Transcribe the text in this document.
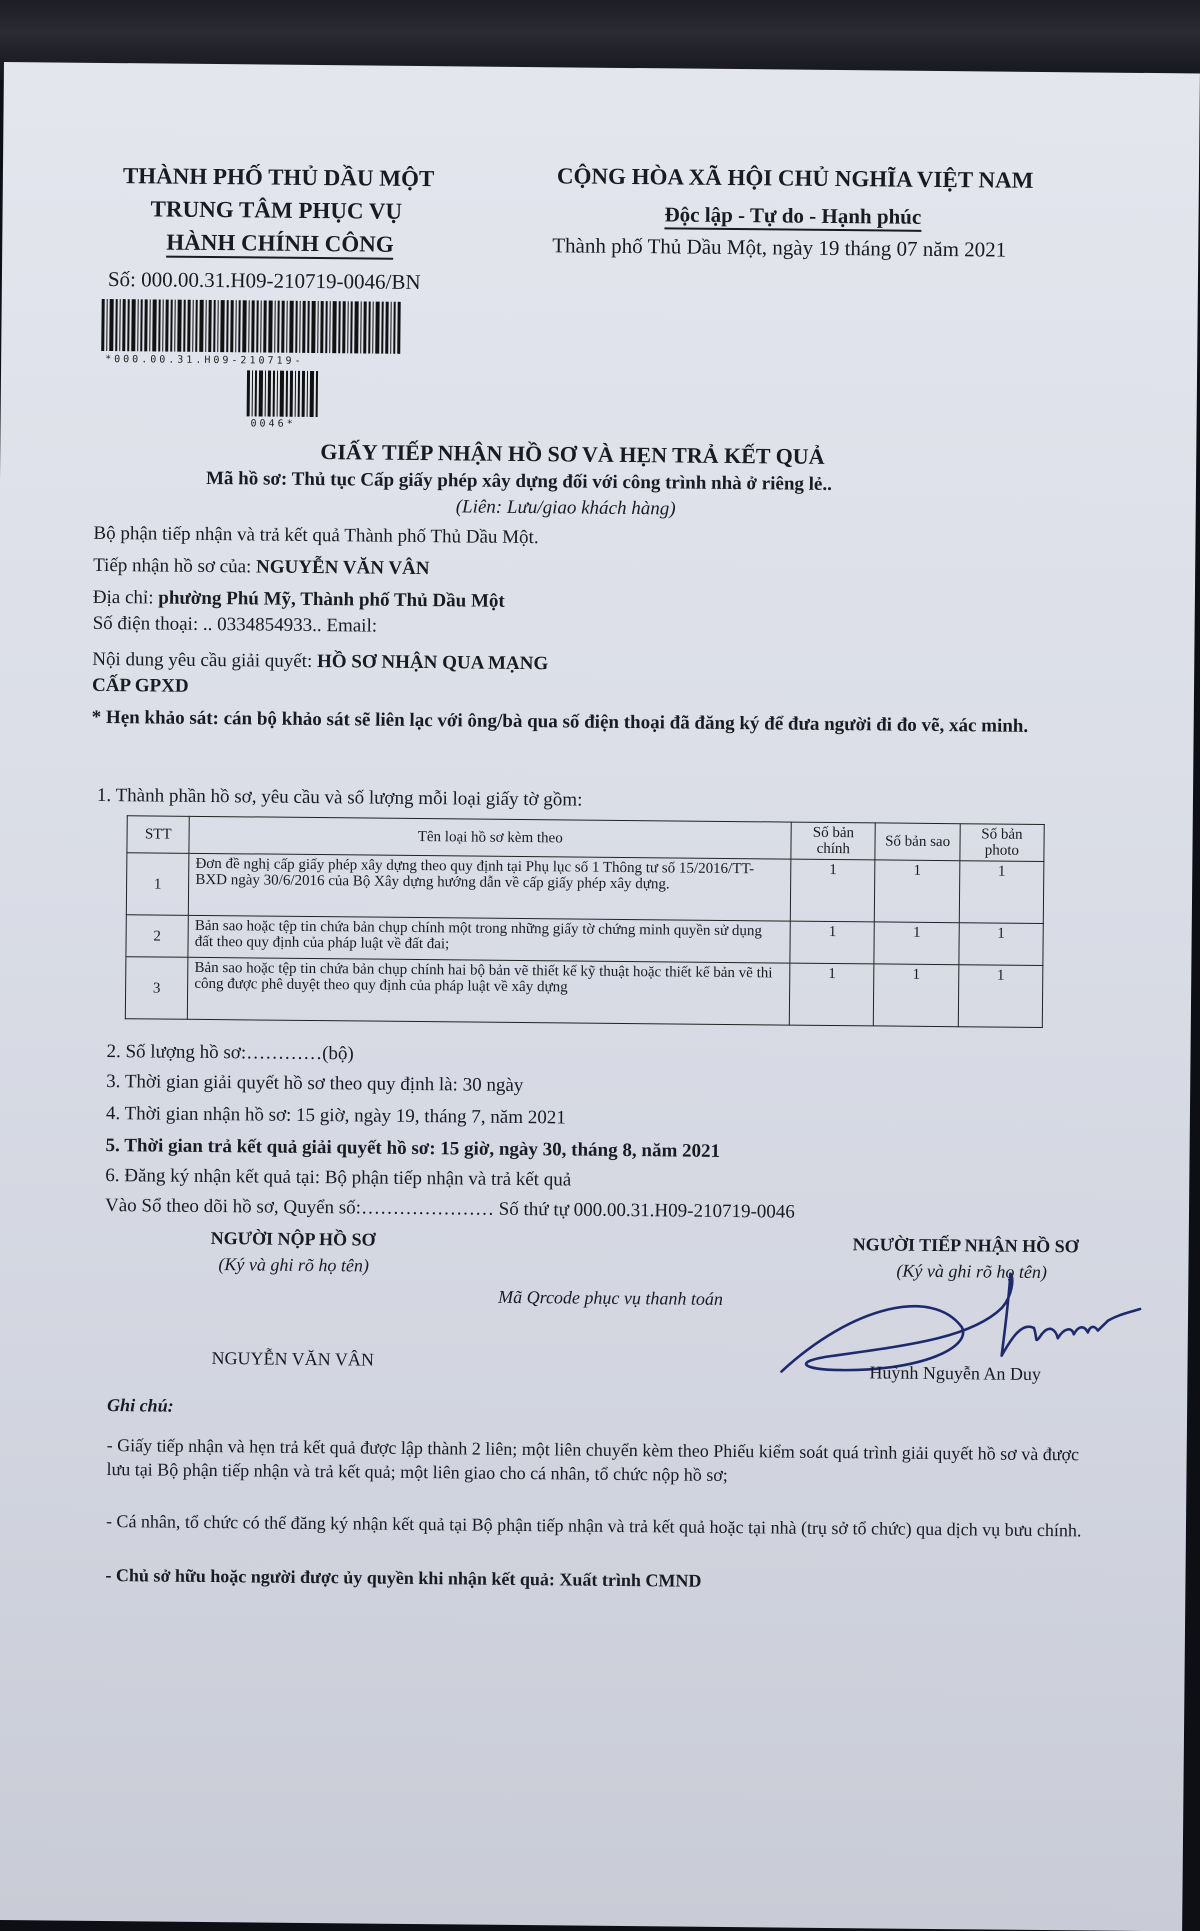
THÀNH PHỐ THỦ DẦU MỘT
TRUNG TÂM PHỤC VỤ
HÀNH CHÍNH CÔNG
Số: 000.00.31.H09-210719-0046/BN
*000.00.31.H09-210719-
0046*
CỘNG HÒA XÃ HỘI CHỦ NGHĨA VIỆT NAM
Độc lập - Tự do - Hạnh phúc
Thành phố Thủ Dầu Một, ngày 19 tháng 07 năm 2021
GIẤY TIẾP NHẬN HỒ SƠ VÀ HẸN TRẢ KẾT QUẢ
Mã hồ sơ: Thủ tục Cấp giấy phép xây dựng đối với công trình nhà ở riêng lẻ..
(Liên: Lưu/giao khách hàng)
Bộ phận tiếp nhận và trả kết quả Thành phố Thủ Dầu Một.
Tiếp nhận hồ sơ của: NGUYỄN VĂN VÂN
Địa chỉ: phường Phú Mỹ, Thành phố Thủ Dầu Một
Số điện thoại: .. 0334854933.. Email:
Nội dung yêu cầu giải quyết: HỒ SƠ NHẬN QUA MẠNG
CẤP GPXD
* Hẹn khảo sát: cán bộ khảo sát sẽ liên lạc với ông/bà qua số điện thoại đã đăng ký để đưa người đi đo vẽ, xác minh.
1. Thành phần hồ sơ, yêu cầu và số lượng mỗi loại giấy tờ gồm:
STT	Tên loại hồ sơ kèm theo	Số bản chính	Số bản sao	Số bản photo
1	Đơn đề nghị cấp giấy phép xây dựng theo quy định tại Phụ lục số 1 Thông tư số 15/2016/TT-BXD ngày 30/6/2016 của Bộ Xây dựng hướng dẫn về cấp giấy phép xây dựng.	1	1	1
2	Bản sao hoặc tệp tin chứa bản chụp chính một trong những giấy tờ chứng minh quyền sử dụng đất theo quy định của pháp luật về đất đai;	1	1	1
3	Bản sao hoặc tệp tin chứa bản chụp chính hai bộ bản vẽ thiết kế kỹ thuật hoặc thiết kế bản vẽ thi công được phê duyệt theo quy định của pháp luật về xây dựng	1	1	1
2. Số lượng hồ sơ:…………(bộ)
3. Thời gian giải quyết hồ sơ theo quy định là: 30 ngày
4. Thời gian nhận hồ sơ: 15 giờ, ngày 19, tháng 7, năm 2021
5. Thời gian trả kết quả giải quyết hồ sơ: 15 giờ, ngày 30, tháng 8, năm 2021
6. Đăng ký nhận kết quả tại: Bộ phận tiếp nhận và trả kết quả
Vào Sổ theo dõi hồ sơ, Quyển số:………………… Số thứ tự 000.00.31.H09-210719-0046
NGƯỜI NỘP HỒ SƠ
(Ký và ghi rõ họ tên)
Mã Qrcode phục vụ thanh toán
NGUYỄN VĂN VÂN
NGƯỜI TIẾP NHẬN HỒ SƠ
(Ký và ghi rõ họ tên)
Huỳnh Nguyễn An Duy
Ghi chú:
- Giấy tiếp nhận và hẹn trả kết quả được lập thành 2 liên; một liên chuyển kèm theo Phiếu kiểm soát quá trình giải quyết hồ sơ và được lưu tại Bộ phận tiếp nhận và trả kết quả; một liên giao cho cá nhân, tổ chức nộp hồ sơ;
- Cá nhân, tổ chức có thể đăng ký nhận kết quả tại Bộ phận tiếp nhận và trả kết quả hoặc tại nhà (trụ sở tổ chức) qua dịch vụ bưu chính.
- Chủ sở hữu hoặc người được ủy quyền khi nhận kết quả: Xuất trình CMND
